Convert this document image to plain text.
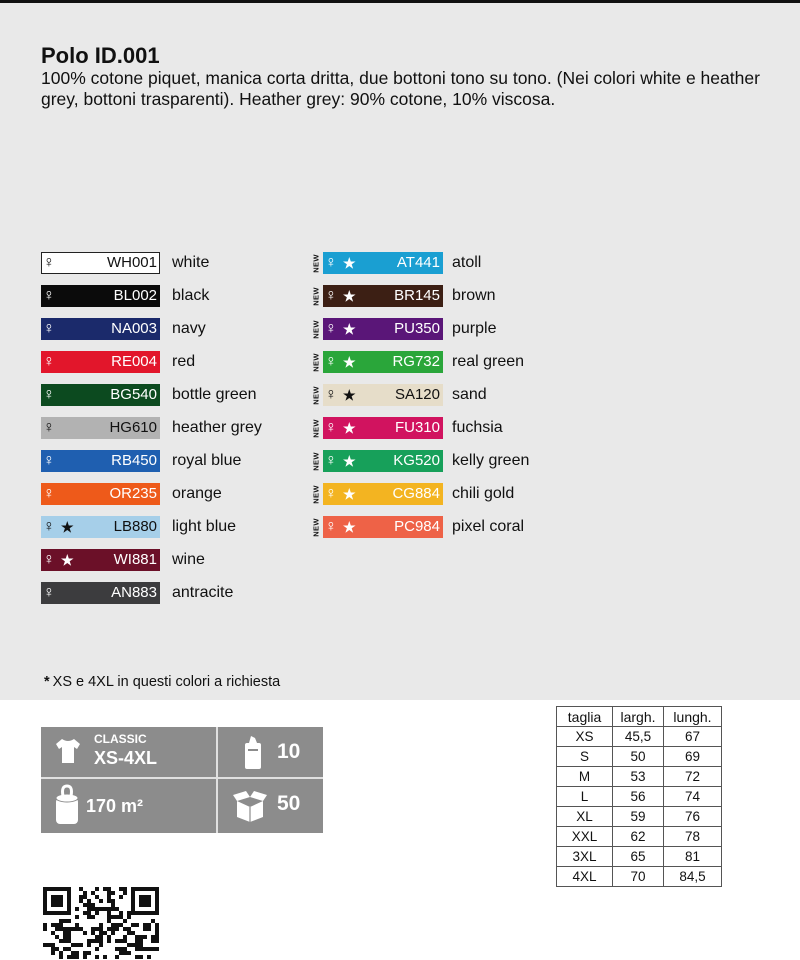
Polo ID.001
100% cotone piquet, manica corta dritta, due bottoni tono su tono. (Nei colori white e heather grey, bottoni trasparenti). Heather grey: 90% cotone, 10% viscosa.
♀	WH001 white
♀	BL002 black
♀	NA003 navy
♀	RE004 red
♀	BG540 bottle green
♀	HG610 heather grey
♀	RB450 royal blue
♀	OR235 orange
♀ ★	LB880 light blue
♀ ★	WI881 wine
♀	AN883 antracite
NEW ♀ ★	AT441 atoll
NEW ♀ ★	BR145 brown
NEW ♀ ★	PU350 purple
NEW ♀ ★ RG732 real green
NEW ♀ ★	SA120 sand
NEW ♀ ★	FU310 fuchsia
NEW ♀ ★	KG520 kelly green
NEW ♀ ★ CG884 chili gold
NEW ♀ ★	PC984 pixel coral
* XS e 4XL in questi colori a richiesta
CLASSIC
XS-4XL	10
170 m²	50
taglia	largh.	lungh.
XS	45,5	67
S	50	69
M	53	72
L	56	74
XL	59	76
XXL	62	78
3XL	65	81
4XL	70	84,5
